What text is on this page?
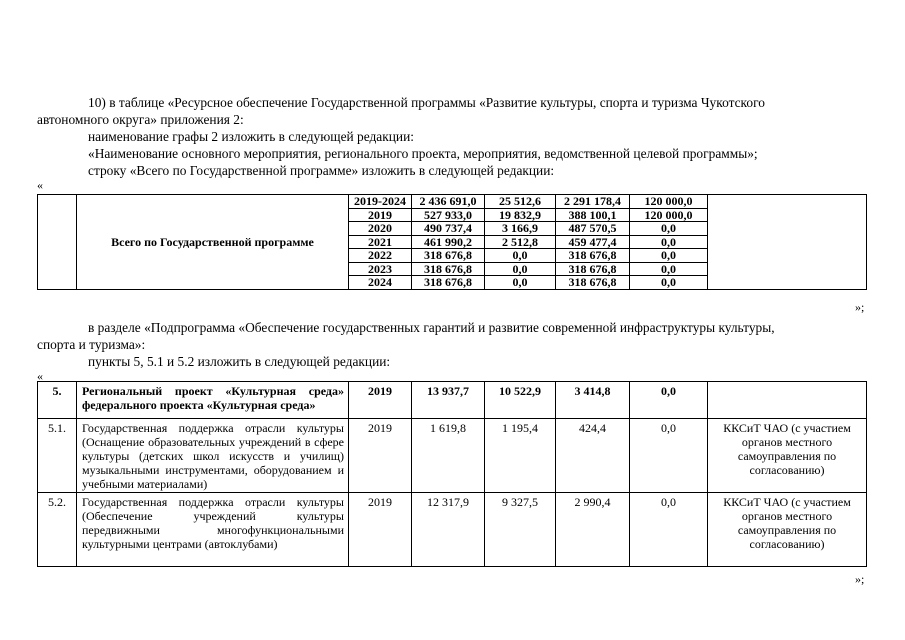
10) в таблице «Ресурсное обеспечение Государственной программы «Развитие культуры, спорта и туризма Чукотского
автономного округа» приложения 2:
наименование графы 2 изложить в следующей редакции:
«Наименование основного мероприятия, регионального проекта, мероприятия, ведомственной целевой программы»;
строку «Всего по Государственной программе» изложить в следующей редакции:
«
	Всего по Государственной программе	2019-2024	2 436 691,0	25 512,6	2 291 178,4	120 000,0	
		2019	527 933,0	19 832,9	388 100,1	120 000,0	
		2020	490 737,4	3 166,9	487 570,5	0,0	
		2021	461 990,2	2 512,8	459 477,4	0,0	
		2022	318 676,8	0,0	318 676,8	0,0	
		2023	318 676,8	0,0	318 676,8	0,0	
		2024	318 676,8	0,0	318 676,8	0,0	
»;
в разделе «Подпрограмма «Обеспечение государственных гарантий и развитие современной инфраструктуры культуры,
спорта и туризма»:
пункты 5, 5.1 и 5.2 изложить в следующей редакции:
«
5.	Региональный проект «Культурная среда» федерального проекта «Культурная среда»	2019	13 937,7	10 522,9	3 414,8	0,0	
5.1.	Государственная поддержка отрасли культуры (Оснащение образовательных учреждений в сфере культуры (детских школ искусств и училищ) музыкальными инструментами, оборудованием и учебными материалами)	2019	1 619,8	1 195,4	424,4	0,0	ККСиТ ЧАО (с участием органов местного самоуправления по согласованию)
5.2.	Государственная поддержка отрасли культуры (Обеспечение учреждений культуры передвижными многофункциональными культурными центрами (автоклубами)	2019	12 317,9	9 327,5	2 990,4	0,0	ККСиТ ЧАО (с участием органов местного самоуправления по согласованию)
»;
